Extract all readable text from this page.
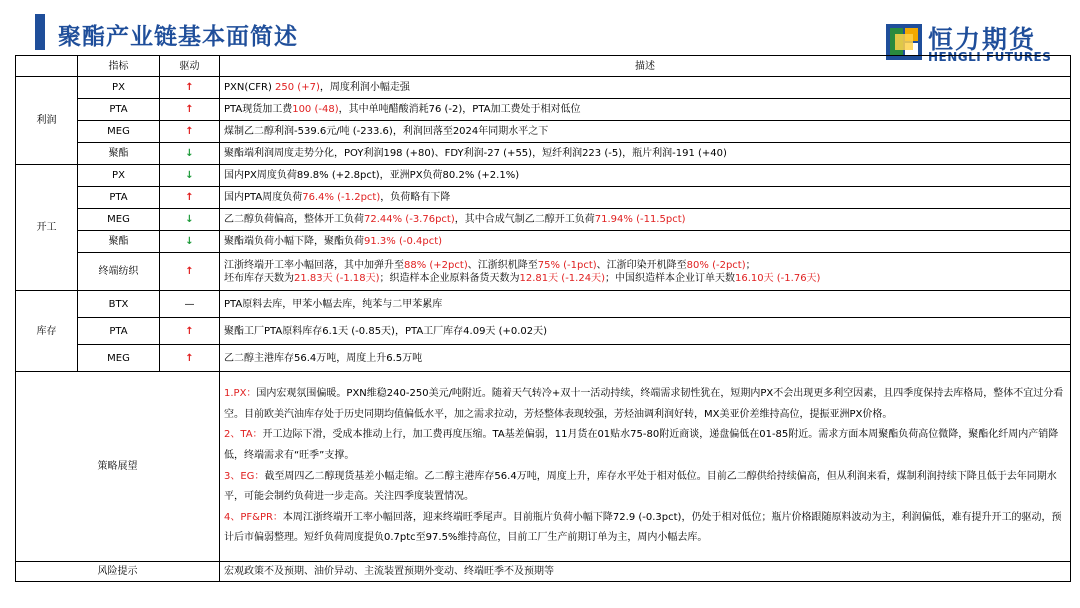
聚酯产业链基本面简述	恒力期货
HENGLI FUTURES
	指标	驱动	描述
利润	PX	↑	PXN(CFR) 250 (+7)，周度利润小幅走强
	PTA	↑	PTA现货加工费100 (-48)，其中单吨醋酸消耗76 (-2)，PTA加工费处于相对低位
	MEG	↑	煤制乙二醇利润-539.6元/吨 (-233.6)，利润回落至2024年同期水平之下
	聚酯	↓	聚酯端利润周度走势分化，POY利润198 (+80)、FDY利润-27 (+55)，短纤利润223 (-5)，瓶片利润-191 (+40)
开工	PX	↓	国内PX周度负荷89.8% (+2.8pct)，亚洲PX负荷80.2% (+2.1%)
	PTA	↑	国内PTA周度负荷76.4% (-1.2pct)，负荷略有下降
	MEG	↓	乙二醇负荷偏高，整体开工负荷72.44% (-3.76pct)，其中合成气制乙二醇开工负荷71.94% (-11.5pct)
	聚酯	↓	聚酯端负荷小幅下降，聚酯负荷91.3% (-0.4pct)
	终端纺织	↑	江浙终端开工率小幅回落，其中加弹升至88% (+2pct)、江浙织机降至75% (-1pct)、江浙印染开机降至80% (-2pct)；
坯布库存天数为21.83天 (-1.18天)；织造样本企业原料备货天数为12.81天 (-1.24天)；中国织造样本企业订单天数16.10天 (-1.76天)
库存	BTX	—	PTA原料去库，甲苯小幅去库，纯苯与二甲苯累库
	PTA	↑	聚酯工厂PTA原料库存6.1天 (-0.85天)，PTA工厂库存4.09天 (+0.02天)
	MEG	↑	乙二醇主港库存56.4万吨，周度上升6.5万吨
策略展望			1.PX：国内宏观氛围偏暖。PXN维稳240-250美元/吨附近。随着天气转冷+双十一活动持续，终端需求韧性犹在，短期内PX不会出现更多利空因素，且四季度保持去库格局，整体不宜过分看空。目前欧美汽油库存处于历史同期均值偏低水平，加之需求拉动，芳烃整体表现较强，芳烃油调利润好转，MX美亚价差维持高位，提振亚洲PX价格。

2、TA：开工边际下滑，受成本推动上行，加工费再度压缩。TA基差偏弱，11月货在01贴水75-80附近商谈，递盘偏低在01-85附近。需求方面本周聚酯负荷高位微降，聚酯化纤周内产销降低，终端需求有“旺季”支撑。

3、EG：截至周四乙二醇现货基差小幅走缩。乙二醇主港库存56.4万吨，周度上升，库存水平处于相对低位。目前乙二醇供给持续偏高，但从利润来看，煤制利润持续下降且低于去年同期水平，可能会制约负荷进一步走高。关注四季度装置情况。

4、PF&PR：本周江浙终端开工率小幅回落，迎来终端旺季尾声。目前瓶片负荷小幅下降72.9 (-0.3pct)，仍处于相对低位；瓶片价格跟随原料波动为主，利润偏低，难有提升开工的驱动，预计后市偏弱整理。短纤负荷周度提负0.7ptc至97.5%维持高位，目前工厂生产前期订单为主，周内小幅去库。

风险提示			宏观政策不及预期、油价异动、主流装置预期外变动、终端旺季不及预期等
